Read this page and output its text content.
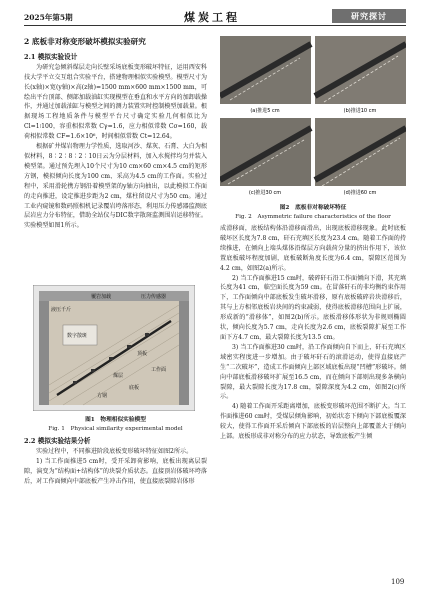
2025年第5期	煤炭工程	研究探讨
2 底板非对称变形破坏模拟实验研究
2.1 模拟实验设计

为研究急倾斜煤层走向长壁采场底板变形破坏特征，运用西安科技大学平立交互组合实验平台，搭建物理相似实验模型。模型尺寸为长(x轴)×宽(y轴)×高(z轴)=1500 mm×600 mm×1500 mm，可绘出平台顶部、侧部加载油缸实现模型在垂直和水平方向的加卸载操作，并通过加载油缸与模型之间的测力装置实时控制模型加载量。根据现场工程地质条件与模型平台尺寸确定实验几何相似比为 Cl=1∶100，容重相似常数 Cγ=1.6，应力相似常数 Cσ=160，载荷相似常数 CF=1.6×10⁶，时间相似常数 Ct=12.64。

根据矿井煤岩物理力学性质，选取河沙、煤灰、石膏、大白为相似材料，8∶2∶8∶2∶10日云为分层材料，加入水搅拌均匀并装入模型架。通过预先埋入10个尺寸为10 cm×60 cm×4.5 cm的矩形方钢，模拟倾向长度为100 cm、采高为4.5 cm的工作面。实验过程中，采用滑轮携方钢沿着模型架的y轴方向抽出，以此模拟工作面的走向推进，设定推进步距为2 cm，煤柱留设尺寸为50 cm。通过工业内窥镜和数码照相机记录覆岩垮落形态，利用压力传感器监测底层岩应力分布特征，借助全站仪与DIC数字散斑监测围岩运移特征。实验模型如图1所示。

覆岩加载	压力传感器
液压千斤
数字散斑
顶板
煤层
底板
工作面
方钢
图1　物理相似实验模型
Fig. 1　Physical similarity experimental model
2.2 模拟实验结果分析

实验过程中，不同推进阶段底板变形破坏特征如图2所示。

1) 当工作面推进5 cm时，受开采卸荷影响，底板出现离层裂隙，演变为“结构面+结构体”的块裂介质状态。直接顶岩体破坏垮落后，对工作面倾向中部底板产生冲击作用，使直接底裂隙岩体形

(a)推进5 cm	(b)推进10 cm
(c)推进30 cm	(d)推进60 cm
图2　底板非对称破坏特征
Fig. 2　Asymmetric failure characteristics of the floor

成滑移面，底板结构体沿滑移面滑出，出现底板滑移现象。此时底板破坏区长度为7.8 cm，矸石充填区长度为23.4 cm。随着工作面的持续推进，在倾向上端头煤体沿煤层方向载荷分量的挤出作用下，该位置底板破坏程度加剧，底板破断角度长度为6.4 cm，裂隙区范围为4.2 cm，如图2(a)所示。

2) 当工作面推进15 cm时，破碎矸石沿工作面倾向下滑，其充填长度为41 cm，临空面长度为59 cm。在冒落矸石的非均衡约束作用下，工作面倾向中部底板发生破坏滑移，原有底板破碎岩块滑移后，其与上方相邻底板岩块间的约束减弱，使得底板滑移范围向上扩展，形成新的“滑移体”，如图2(b)所示。底板滑移体形状为非规则椭圆状，倾向长度为5.7 cm，走向长度为2.6 cm，底板裂隙扩展至工作面下方4.7 cm，最大裂隙长度为13.5 cm。

3) 当工作面推进30 cm时，沿工作面倾向自下而上，矸石充填区域密实程度进一步增加。由于破坏矸石的滚滑运动，使得直接底产生“二次破坏”，造成工作面倾向上部区域底板出现“凹槽”形破坏。倾向中部底板滑移破坏扩展至16.5 cm，而在倾向下部则出现多条横向裂隙，最大裂隙长度为17.8 cm，裂隙深度为4.2 cm，如图2(c)所示。

4) 随着工作面开采距离增加，底板变形破坏范围不断扩大。当工作面推进60 cm时，受煤层倾角影响，初始状态下倾向下部底板覆深较大，使得工作面开采后倾向下部底板的岩层整向上部覆盖大于倾向上部。底板形成非对称分布的应力状态，导致底板产生倾

109
